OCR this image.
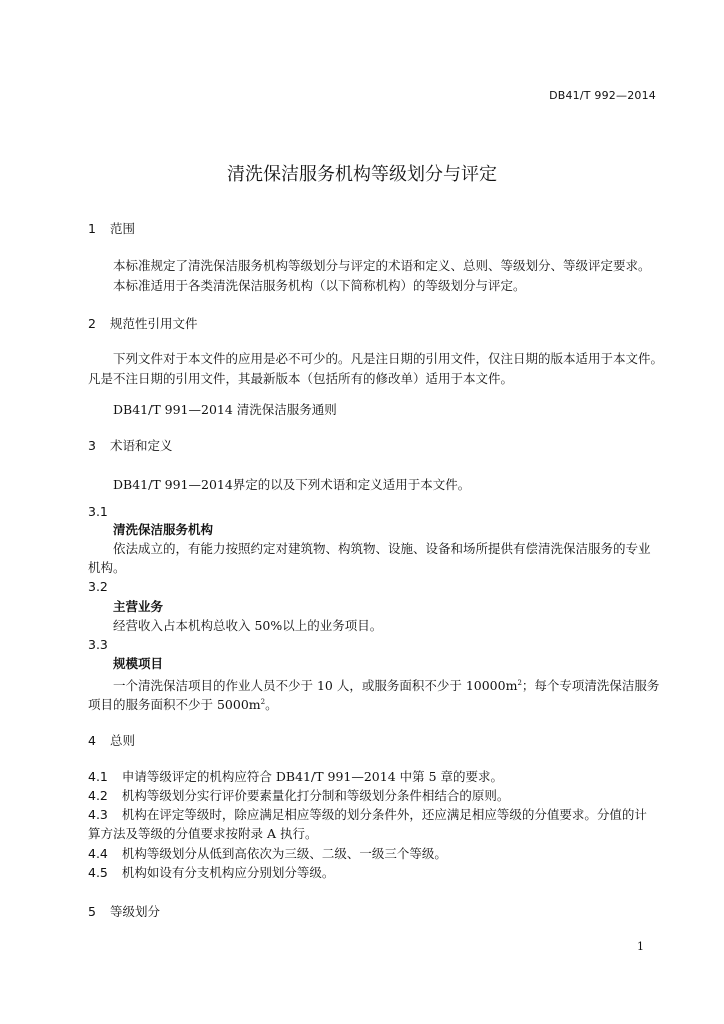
DB41/T 992—2014
清洗保洁服务机构等级划分与评定
1 范围
本标准规定了清洗保洁服务机构等级划分与评定的术语和定义、总则、等级划分、等级评定要求。
本标准适用于各类清洗保洁服务机构（以下简称机构）的等级划分与评定。
2 规范性引用文件
下列文件对于本文件的应用是必不可少的。凡是注日期的引用文件，仅注日期的版本适用于本文件。
凡是不注日期的引用文件，其最新版本（包括所有的修改单）适用于本文件。
DB41/T 991—2014 清洗保洁服务通则
3 术语和定义
DB41/T 991—2014界定的以及下列术语和定义适用于本文件。
3.1
清洗保洁服务机构
依法成立的，有能力按照约定对建筑物、构筑物、设施、设备和场所提供有偿清洗保洁服务的专业
机构。
3.2
主营业务
经营收入占本机构总收入 50%以上的业务项目。
3.3
规模项目
一个清洗保洁项目的作业人员不少于 10 人，或服务面积不少于 $10000m^2$；每个专项清洗保洁服务
项目的服务面积不少于 $5000m^2$。
4 总则
4.1 申请等级评定的机构应符合 DB41/T 991—2014 中第 5 章的要求。
4.2 机构等级划分实行评价要素量化打分制和等级划分条件相结合的原则。
4.3 机构在评定等级时，除应满足相应等级的划分条件外，还应满足相应等级的分值要求。分值的计
算方法及等级的分值要求按附录 A 执行。
4.4 机构等级划分从低到高依次为三级、二级、一级三个等级。
4.5 机构如设有分支机构应分别划分等级。
5 等级划分
1
